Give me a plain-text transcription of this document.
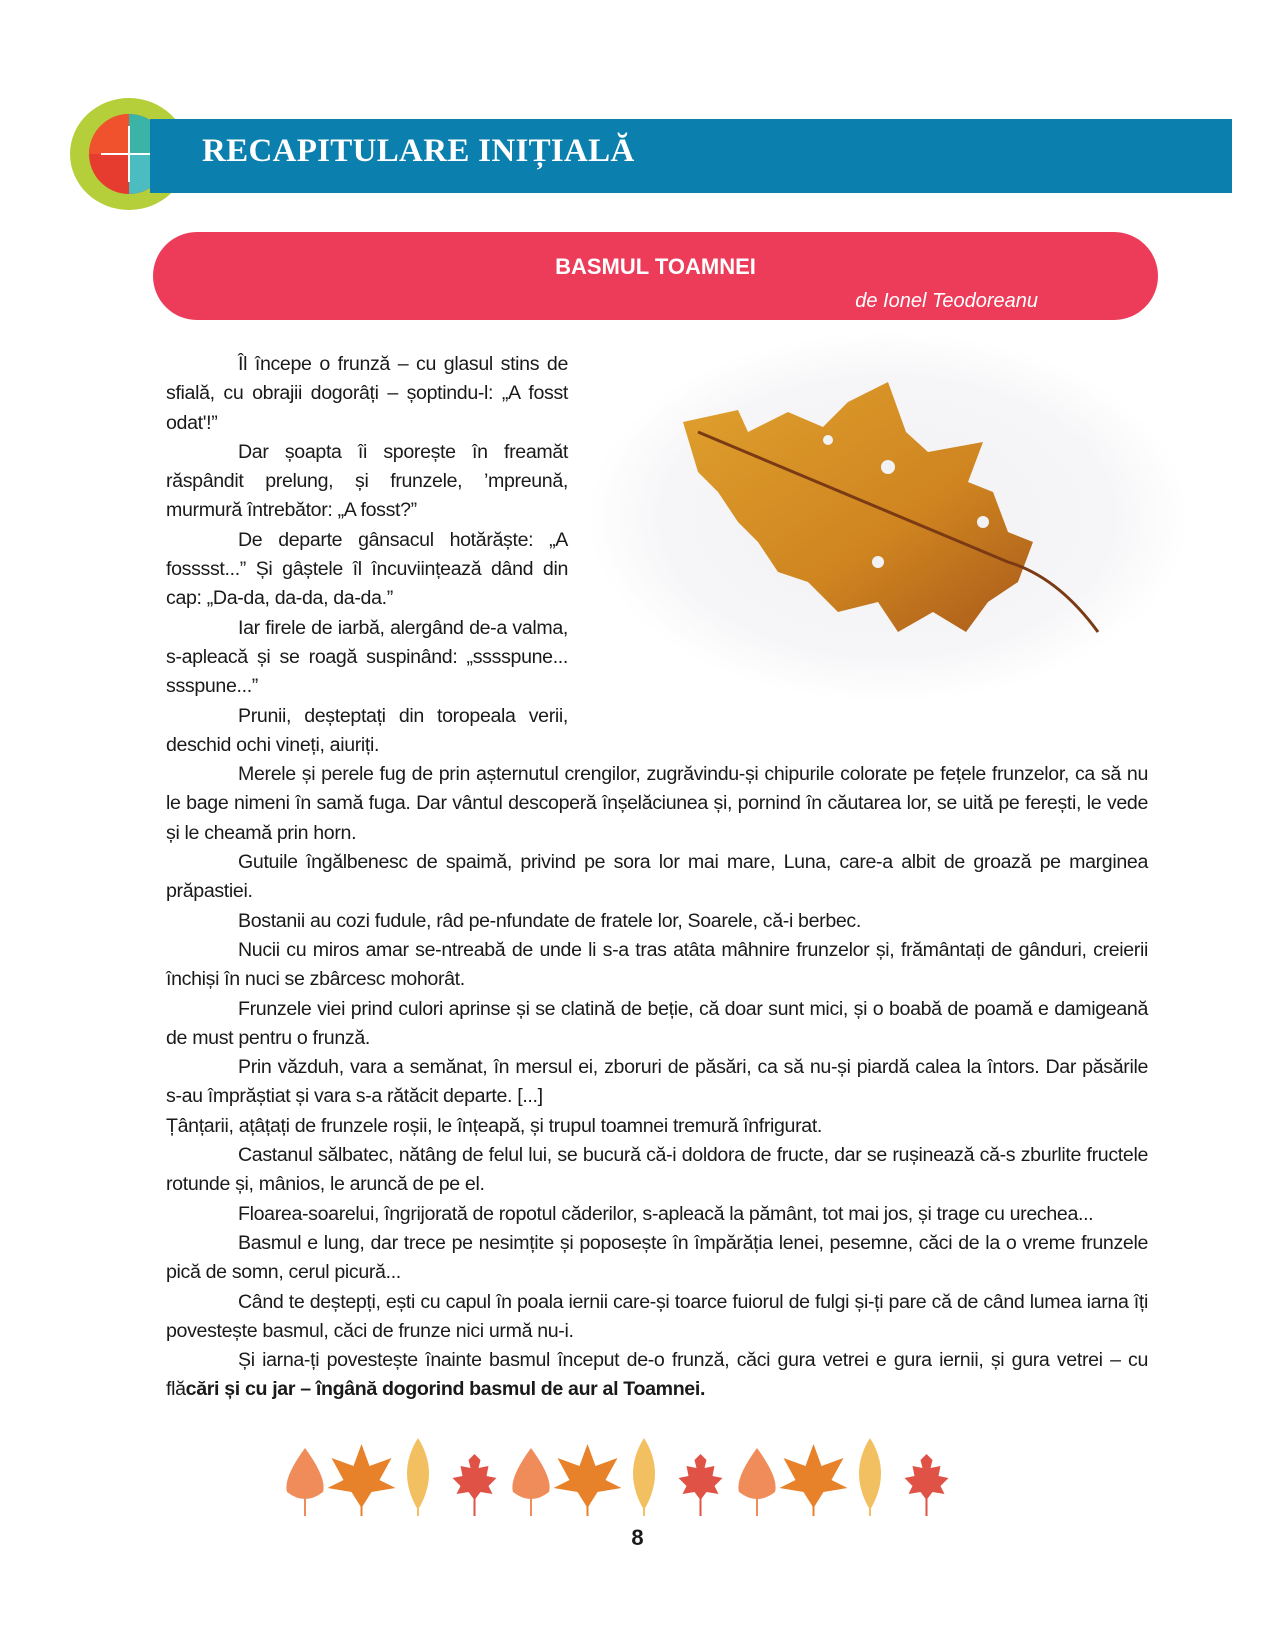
RECAPITULARE INIȚIALĂ
BASMUL TOAMNEI
de Ionel Teodoreanu

Îl începe o frunză – cu glasul stins de sfială, cu obrajii dogorâți – șoptindu-l: „A fosst odat'!”

Dar șoapta îi sporește în freamăt răspândit prelung, și frunzele, ’mpreună, murmură întrebător: „A fosst?”

De departe gânsacul hotărăște: „A fosssst...” Și gâștele îl încuviințează dând din cap: „Da-da, da-da, da-da.”

Iar firele de iarbă, alergând de-a valma, s-apleacă și se roagă suspinând: „sssspune... ssspune...”

Prunii, deșteptați din toropeala verii, deschid ochi vineți, aiuriți.

Merele și perele fug de prin așternutul crengilor, zugrăvindu-și chipurile colorate pe fețele frunzelor, ca să nu le bage nimeni în samă fuga. Dar vântul descoperă înșelăciunea și, pornind în căutarea lor, se uită pe ferești, le vede și le cheamă prin horn.

Gutuile îngălbenesc de spaimă, privind pe sora lor mai mare, Luna, care-a albit de groază pe marginea prăpastiei.

Bostanii au cozi fudule, râd pe-nfundate de fratele lor, Soarele, că-i berbec.

Nucii cu miros amar se-ntreabă de unde li s-a tras atâta mâhnire frunzelor și, frământați de gânduri, creierii închiși în nuci se zbârcesc mohorât.

Frunzele viei prind culori aprinse și se clatină de beție, că doar sunt mici, și o boabă de poamă e damigeană de must pentru o frunză.

Prin văzduh, vara a semănat, în mersul ei, zboruri de păsări, ca să nu-și piardă calea la întors. Dar păsările s-au împrăștiat și vara s-a rătăcit departe. [...]

Țânțarii, ațâțați de frunzele roșii, le înțeapă, și trupul toamnei tremură înfrigurat.

Castanul sălbatec, nătâng de felul lui, se bucură că-i doldora de fructe, dar se rușinează că-s zburlite fructele rotunde și, mânios, le aruncă de pe el.

Floarea-soarelui, îngrijorată de ropotul căderilor, s-apleacă la pământ, tot mai jos, și trage cu urechea...

Basmul e lung, dar trece pe nesimțite și poposește în împărăția lenei, pesemne, căci de la o vreme frunzele pică de somn, cerul picură...

Când te deștepți, ești cu capul în poala iernii care-și toarce fuiorul de fulgi și-ți pare că de când lumea iarna îți povestește basmul, căci de frunze nici urmă nu-i.

Și iarna-ți povestește înainte basmul început de-o frunză, căci gura vetrei e gura iernii, și gura vetrei – cu flăcări și cu jar – îngână dogorind basmul de aur al Toamnei.

8
